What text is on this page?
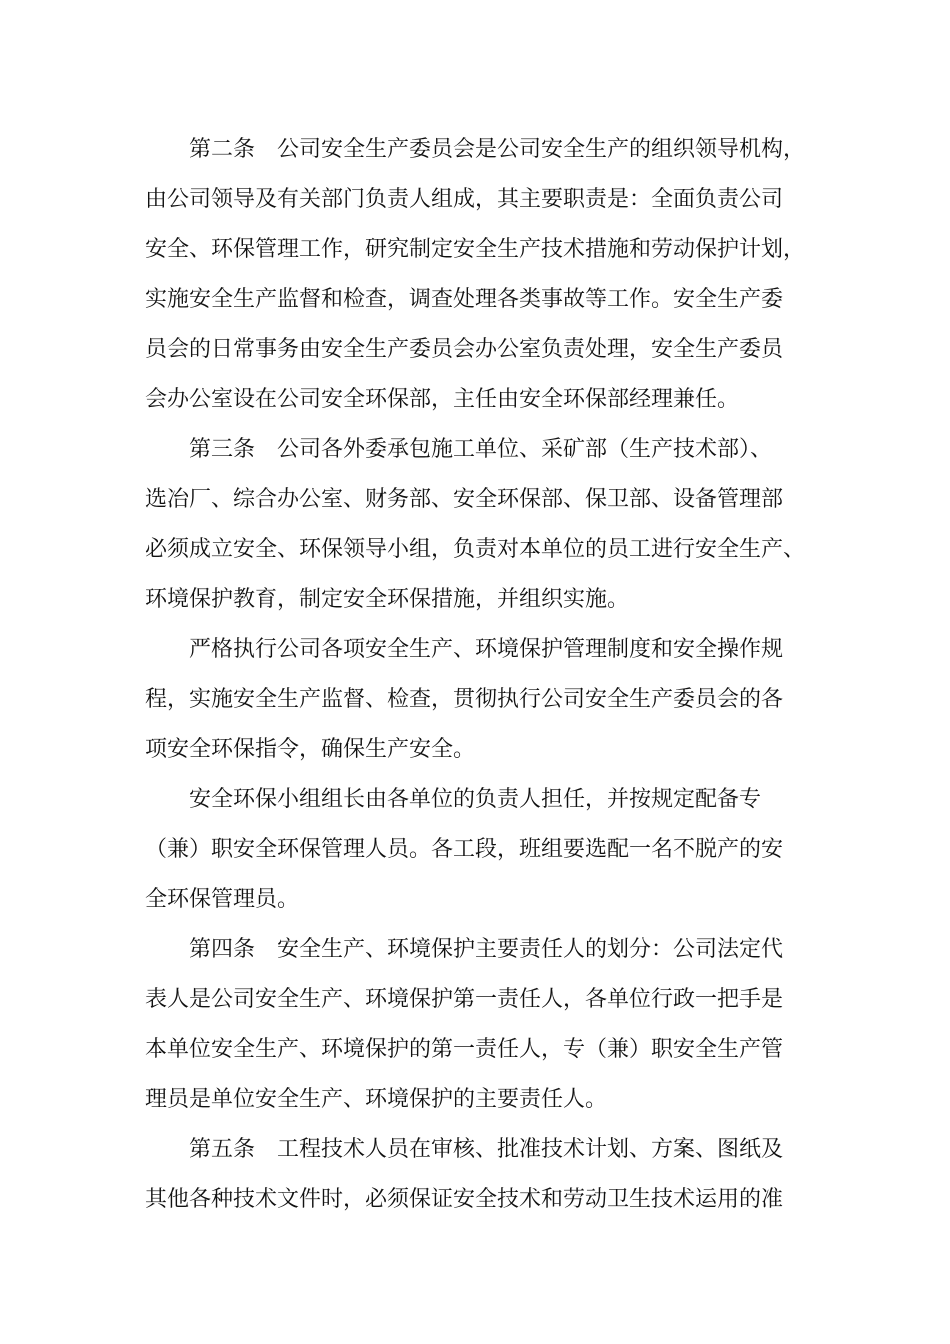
第二条　公司安全生产委员会是公司安全生产的组织领导机构，

由公司领导及有关部门负责人组成，其主要职责是：全面负责公司

安全、环保管理工作，研究制定安全生产技术措施和劳动保护计划，

实施安全生产监督和检查，调查处理各类事故等工作。安全生产委

员会的日常事务由安全生产委员会办公室负责处理，安全生产委员

会办公室设在公司安全环保部，主任由安全环保部经理兼任。

第三条　公司各外委承包施工单位、采矿部（生产技术部）、

选冶厂、综合办公室、财务部、安全环保部、保卫部、设备管理部

必须成立安全、环保领导小组，负责对本单位的员工进行安全生产、

环境保护教育，制定安全环保措施，并组织实施。

严格执行公司各项安全生产、环境保护管理制度和安全操作规

程，实施安全生产监督、检查，贯彻执行公司安全生产委员会的各

项安全环保指令，确保生产安全。

安全环保小组组长由各单位的负责人担任，并按规定配备专

（兼）职安全环保管理人员。各工段，班组要选配一名不脱产的安

全环保管理员。

第四条　安全生产、环境保护主要责任人的划分：公司法定代

表人是公司安全生产、环境保护第一责任人，各单位行政一把手是

本单位安全生产、环境保护的第一责任人，专（兼）职安全生产管

理员是单位安全生产、环境保护的主要责任人。

第五条　工程技术人员在审核、批准技术计划、方案、图纸及

其他各种技术文件时，必须保证安全技术和劳动卫生技术运用的准
